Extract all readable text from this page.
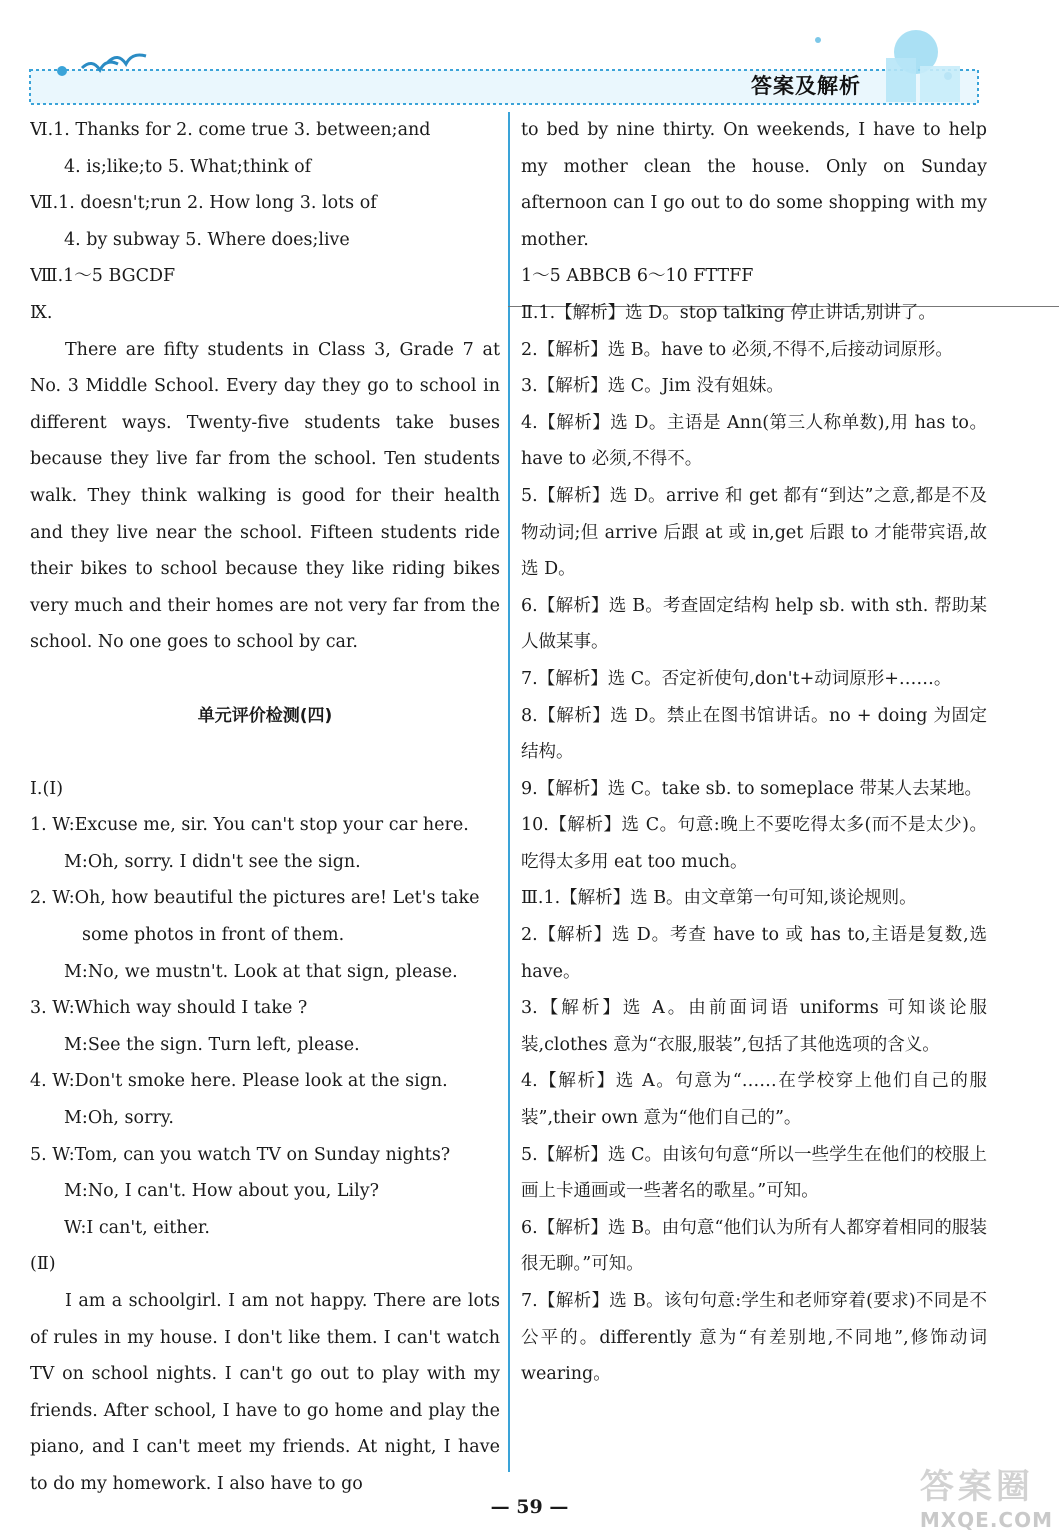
答案及解析
Ⅵ.1. Thanks for 2. come true 3. between;and
4. is;like;to 5. What;think of
Ⅶ.1. doesn't;run 2. How long 3. lots of
4. by subway 5. Where does;live
Ⅷ.1～5 BGCDF
Ⅸ.
There are fifty students in Class 3, Grade 7 at No. 3 Middle School. Every day they go to school in different ways. Twenty-five students take buses because they live far from the school. Ten students walk. They think walking is good for their health and they live near the school. Fifteen students ride their bikes to school because they like riding bikes very much and their homes are not very far from the school. No one goes to school by car.
单元评价检测(四)
Ⅰ.(Ⅰ)
1. W:Excuse me, sir. You can't stop your car here.
M:Oh, sorry. I didn't see the sign.
2. W:Oh, how beautiful the pictures are! Let's take
some photos in front of them.
M:No, we mustn't. Look at that sign, please.
3. W:Which way should I take ?
M:See the sign. Turn left, please.
4. W:Don't smoke here. Please look at the sign.
M:Oh, sorry.
5. W:Tom, can you watch TV on Sunday nights?
M:No, I can't. How about you, Lily?
W:I can't, either.
(Ⅱ)
I am a schoolgirl. I am not happy. There are lots of rules in my house. I don't like them. I can't watch TV on school nights. I can't go out to play with my friends. After school, I have to go home and play the piano, and I can't meet my friends. At night, I have to do my homework. I also have to go
to bed by nine thirty. On weekends, I have to help my mother clean the house. Only on Sunday afternoon can I go out to do some shopping with my mother.
1～5 ABBCB 6～10 FTTFF
Ⅱ.1.【解析】选 D。stop talking 停止讲话,别讲了。
2.【解析】选 B。have to 必须,不得不,后接动词原形。
3.【解析】选 C。Jim 没有姐妹。
4.【解析】选 D。主语是 Ann(第三人称单数),用 has to。have to 必须,不得不。
5.【解析】选 D。arrive 和 get 都有“到达”之意,都是不及物动词;但 arrive 后跟 at 或 in,get 后跟 to 才能带宾语,故选 D。
6.【解析】选 B。考查固定结构 help sb. with sth. 帮助某人做某事。
7.【解析】选 C。否定祈使句,don't+动词原形+……。
8.【解析】选 D。禁止在图书馆讲话。no + doing 为固定结构。
9.【解析】选 C。take sb. to someplace 带某人去某地。
10.【解析】选 C。句意:晚上不要吃得太多(而不是太少)。吃得太多用 eat too much。
Ⅲ.1.【解析】选 B。由文章第一句可知,谈论规则。
2.【解析】选 D。考查 have to 或 has to,主语是复数,选 have。
3.【解析】选 A。由前面词语 uniforms 可知谈论服装,clothes 意为“衣服,服装”,包括了其他选项的含义。
4.【解析】选 A。句意为“……在学校穿上他们自己的服装”,their own 意为“他们自己的”。
5.【解析】选 C。由该句句意“所以一些学生在他们的校服上画上卡通画或一些著名的歌星。”可知。
6.【解析】选 B。由句意“他们认为所有人都穿着相同的服装很无聊。”可知。
7.【解析】选 B。该句句意:学生和老师穿着(要求)不同是不公平的。differently 意为“有差别地,不同地”,修饰动词 wearing。
— 59 —	答案圈
MXQE.COM
